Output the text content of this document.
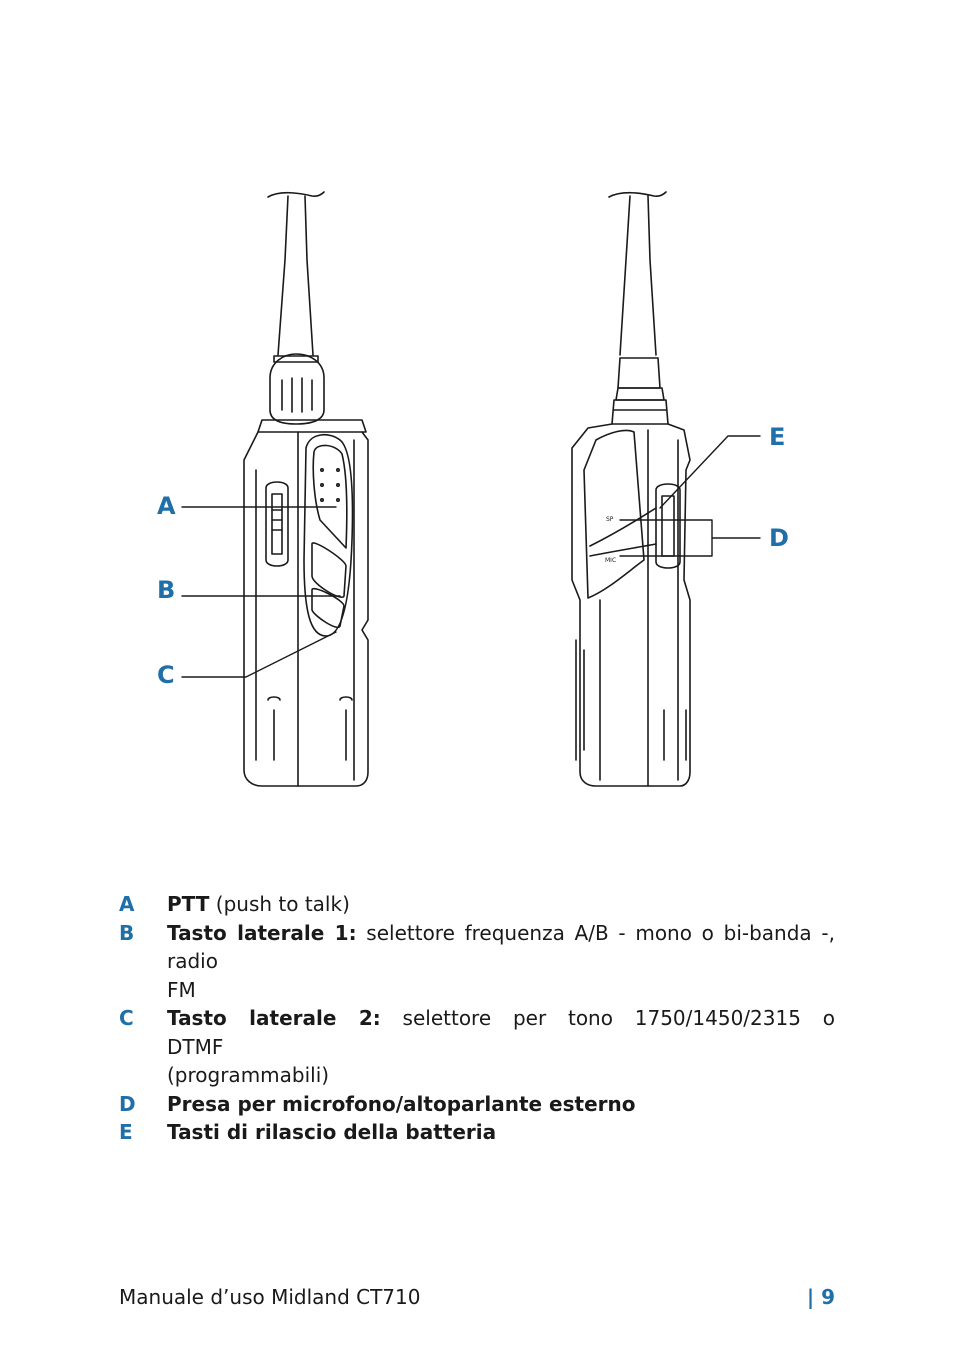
SP
MIC
A
B
C
E
D
A	PTT (push to talk)
B	Tasto laterale 1: selettore frequenza A/B - mono o bi-banda -, radio
FM
C	Tasto laterale 2: selettore per tono 1750/1450/2315 o DTMF
(programmabili)
D	Presa per microfono/altoparlante esterno
E	Tasti di rilascio della batteria
Manuale d’uso Midland CT710	| 9
